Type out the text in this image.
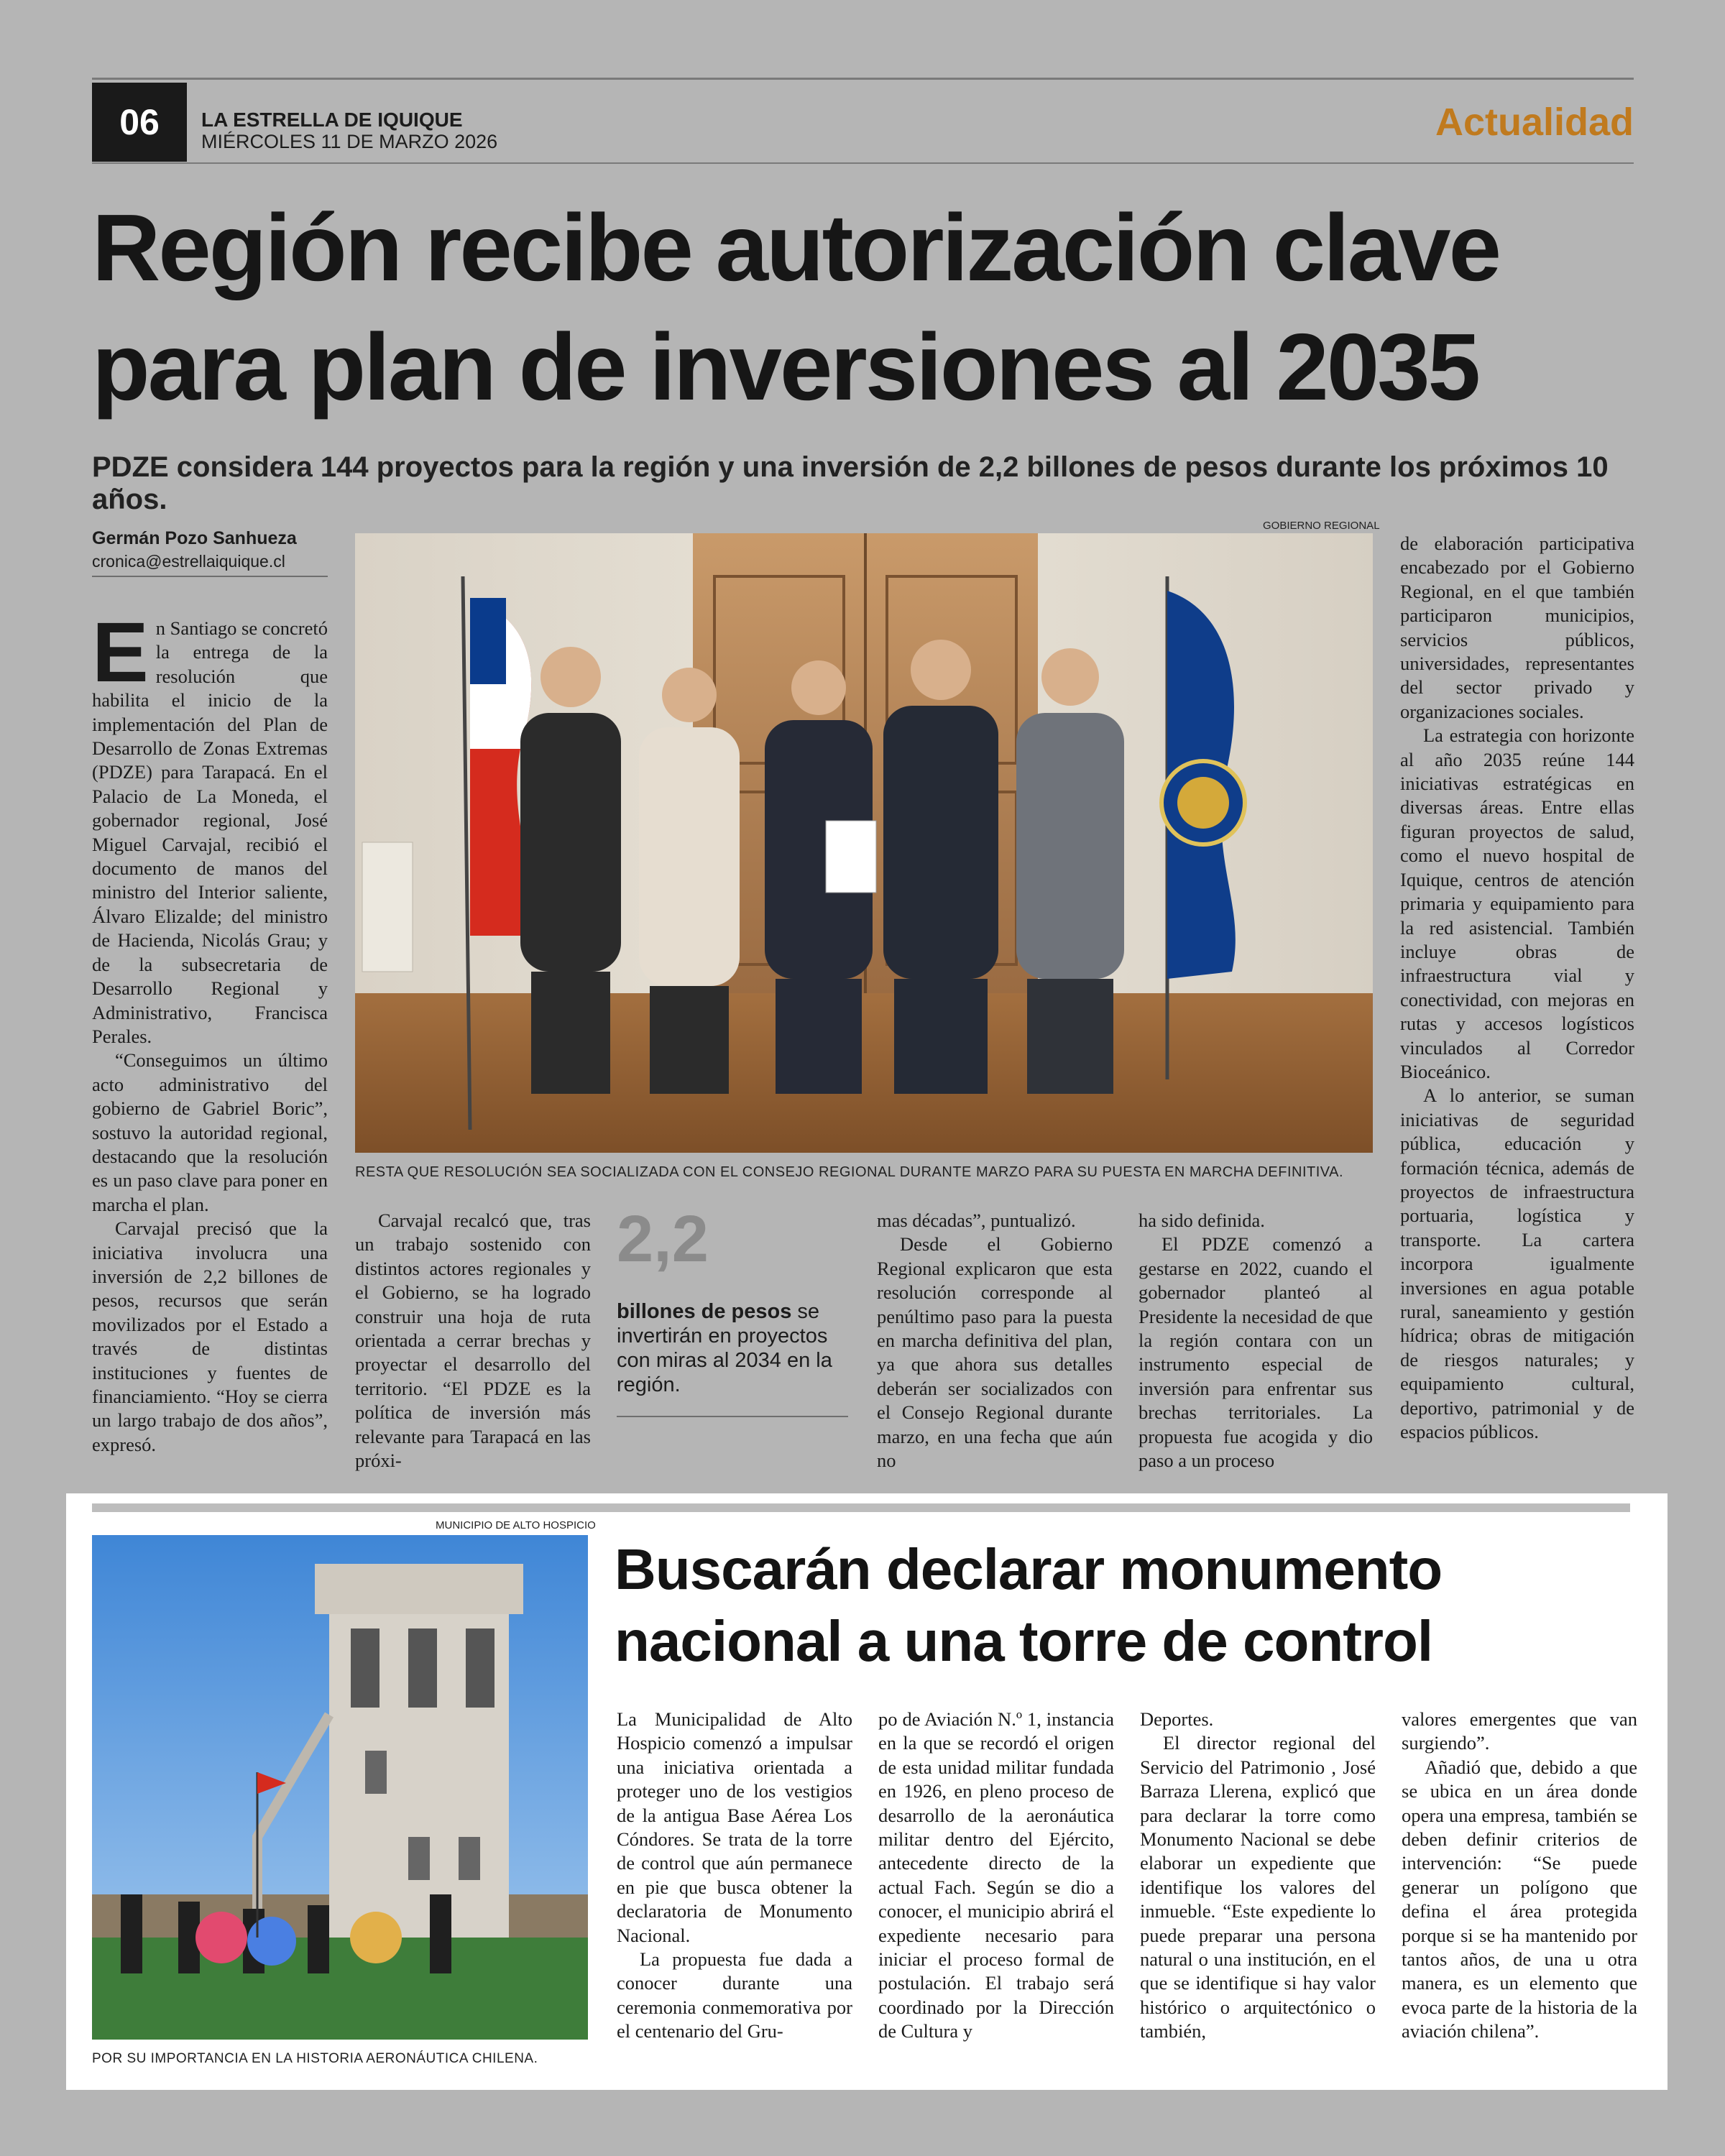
06	LA ESTRELLA DE IQUIQUE
MIÉRCOLES 11 DE MARZO 2026	Actualidad
Región recibe autorización clave
para plan de inversiones al 2035
PDZE considera 144 proyectos para la región y una inversión de 2,2 billones de pesos durante los próximos 10 años.
Germán Pozo Sanhueza
cronica@estrellaiquique.cl
GOBIERNO REGIONAL
RESTA QUE RESOLUCIÓN SEA SOCIALIZADA CON EL CONSEJO REGIONAL DURANTE MARZO PARA SU PUESTA EN MARCHA DEFINITIVA.

En Santiago se concretó la entrega de la resolución que habilita el inicio de la implementación del Plan de Desarrollo de Zonas Extremas (PDZE) para Tarapacá. En el Palacio de La Moneda, el gobernador regional, José Miguel Carvajal, recibió el documento de manos del ministro del Interior saliente, Álvaro Elizalde; del ministro de Hacienda, Nicolás Grau; y de la subsecretaria de Desarrollo Regional y Administrativo, Francisca Perales.

“Conseguimos un último acto administrativo del gobierno de Gabriel Boric”, sostuvo la autoridad regional, destacando que la resolución es un paso clave para poner en marcha el plan.

Carvajal precisó que la iniciativa involucra una inversión de 2,2 billones de pesos, recursos que serán movilizados por el Estado a través de distintas instituciones y fuentes de financiamiento. “Hoy se cierra un largo trabajo de dos años”, expresó.

Carvajal recalcó que, tras un trabajo sostenido con distintos actores regionales y el Gobierno, se ha logrado construir una hoja de ruta orientada a cerrar brechas y proyectar el desarrollo del territorio. “El PDZE es la política de inversión más relevante para Tarapacá en las próxi-

2,2
billones de pesos se invertirán en proyectos con miras al 2034 en la región.

mas décadas”, puntualizó.

Desde el Gobierno Regional explicaron que esta resolución corresponde al penúltimo paso para la puesta en marcha definitiva del plan, ya que ahora sus detalles deberán ser socializados con el Consejo Regional durante marzo, en una fecha que aún no

ha sido definida.

El PDZE comenzó a gestarse en 2022, cuando el gobernador planteó al Presidente la necesidad de que la región contara con un instrumento especial de inversión para enfrentar sus brechas territoriales. La propuesta fue acogida y dio paso a un proceso

de elaboración participativa encabezado por el Gobierno Regional, en el que también participaron municipios, servicios públicos, universidades, representantes del sector privado y organizaciones sociales.

La estrategia con horizonte al año 2035 reúne 144 iniciativas estratégicas en diversas áreas. Entre ellas figuran proyectos de salud, como el nuevo hospital de Iquique, centros de atención primaria y equipamiento para la red asistencial. También incluye obras de infraestructura vial y conectividad, con mejoras en rutas y accesos logísticos vinculados al Corredor Bioceánico.

A lo anterior, se suman iniciativas de seguridad pública, educación y formación técnica, además de proyectos de infraestructura portuaria, logística y transporte. La cartera incorpora igualmente inversiones en agua potable rural, saneamiento y gestión hídrica; obras de mitigación de riesgos naturales; y equipamiento cultural, deportivo, patrimonial y de espacios públicos.

MUNICIPIO DE ALTO HOSPICIO
POR SU IMPORTANCIA EN LA HISTORIA AERONÁUTICA CHILENA.
Buscarán declarar monumento
nacional a una torre de control

La Municipalidad de Alto Hospicio comenzó a impulsar una iniciativa orientada a proteger uno de los vestigios de la antigua Base Aérea Los Cóndores. Se trata de la torre de control que aún permanece en pie que busca obtener la declaratoria de Monumento Nacional.

La propuesta fue dada a conocer durante una ceremonia conmemorativa por el centenario del Gru-

po de Aviación N.º 1, instancia en la que se recordó el origen de esta unidad militar fundada en 1926, en pleno proceso de desarrollo de la aeronáutica militar dentro del Ejército, antecedente directo de la actual Fach. Según se dio a conocer, el municipio abrirá el expediente necesario para iniciar el proceso formal de postulación. El trabajo será coordinado por la Dirección de Cultura y

Deportes.

El director regional del Servicio del Patrimonio , José Barraza Llerena, explicó que para declarar la torre como Monumento Nacional se debe elaborar un expediente que identifique los valores del inmueble. “Este expediente lo puede preparar una persona natural o una institución, en el que se identifique si hay valor histórico o arquitectónico o también,

valores emergentes que van surgiendo”.

Añadió que, debido a que se ubica en un área donde opera una empresa, también se deben definir criterios de intervención: “Se puede generar un polígono que defina el área protegida porque si se ha mantenido por tantos años, de una u otra manera, es un elemento que evoca parte de la historia de la aviación chilena”.
